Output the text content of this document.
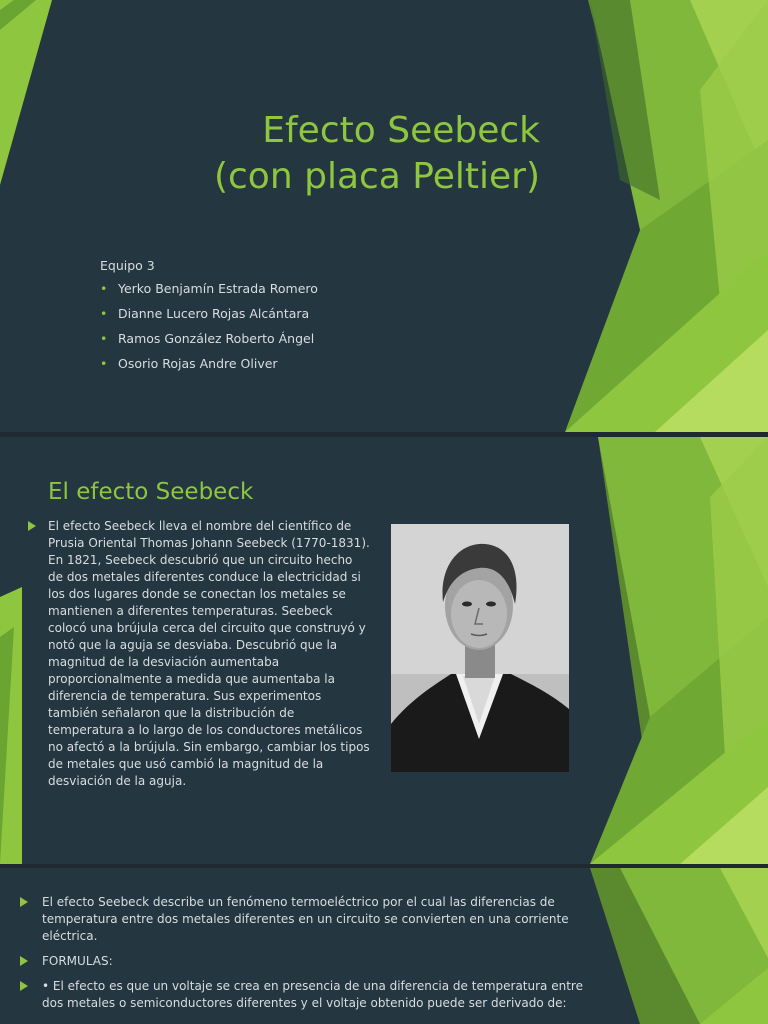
Efecto Seebeck
(con placa Peltier)
Equipo 3
• Yerko Benjamín Estrada Romero
• Dianne Lucero Rojas Alcántara
• Ramos González Roberto Ángel
• Osorio Rojas Andre Oliver
El efecto Seebeck

El efecto Seebeck lleva el nombre del científico de Prusia Oriental Thomas Johann Seebeck (1770-1831). En 1821, Seebeck descubrió que un circuito hecho de dos metales diferentes conduce la electricidad si los dos lugares donde se conectan los metales se mantienen a diferentes temperaturas. Seebeck colocó una brújula cerca del circuito que construyó y notó que la aguja se desviaba. Descubrió que la magnitud de la desviación aumentaba proporcionalmente a medida que aumentaba la diferencia de temperatura. Sus experimentos también señalaron que la distribución de temperatura a lo largo de los conductores metálicos no afectó a la brújula. Sin embargo, cambiar los tipos de metales que usó cambió la magnitud de la desviación de la aguja.

El efecto Seebeck describe un fenómeno termoeléctrico por el cual las diferencias de temperatura entre dos metales diferentes en un circuito se convierten en una corriente eléctrica.
FORMULAS:
• El efecto es que un voltaje se crea en presencia de una diferencia de temperatura entre dos metales o semiconductores diferentes y el voltaje obtenido puede ser derivado de:
